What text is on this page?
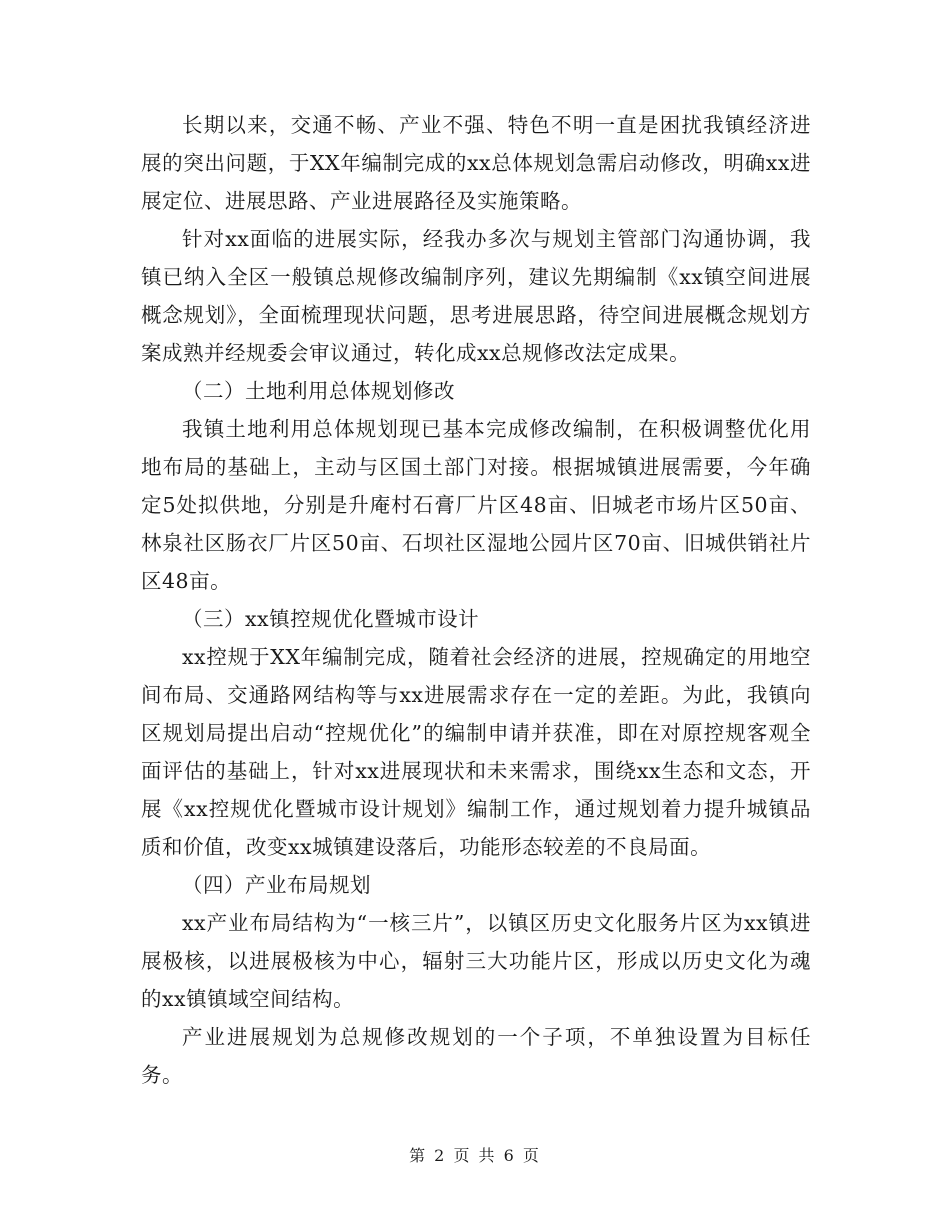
长期以来，交通不畅、产业不强、特色不明一直是困扰我镇经济进展的突出问题，于XX年编制完成的xx总体规划急需启动修改，明确xx进展定位、进展思路、产业进展路径及实施策略。

针对xx面临的进展实际，经我办多次与规划主管部门沟通协调，我镇已纳入全区一般镇总规修改编制序列，建议先期编制《xx镇空间进展概念规划》，全面梳理现状问题，思考进展思路，待空间进展概念规划方案成熟并经规委会审议通过，转化成xx总规修改法定成果。

（二）土地利用总体规划修改

我镇土地利用总体规划现已基本完成修改编制，在积极调整优化用地布局的基础上，主动与区国土部门对接。根据城镇进展需要，今年确定5处拟供地，分别是升庵村石膏厂片区48亩、旧城老市场片区50亩、林泉社区肠衣厂片区50亩、石坝社区湿地公园片区70亩、旧城供销社片区48亩。

（三）xx镇控规优化暨城市设计

xx控规于XX年编制完成，随着社会经济的进展，控规确定的用地空间布局、交通路网结构等与xx进展需求存在一定的差距。为此，我镇向区规划局提出启动“控规优化”的编制申请并获准，即在对原控规客观全面评估的基础上，针对xx进展现状和未来需求，围绕xx生态和文态，开展《xx控规优化暨城市设计规划》编制工作，通过规划着力提升城镇品质和价值，改变xx城镇建设落后，功能形态较差的不良局面。

（四）产业布局规划

xx产业布局结构为“一核三片”，以镇区历史文化服务片区为xx镇进展极核，以进展极核为中心，辐射三大功能片区，形成以历史文化为魂的xx镇镇域空间结构。

产业进展规划为总规修改规划的一个子项，不单独设置为目标任务。

第 2 页 共 6 页
